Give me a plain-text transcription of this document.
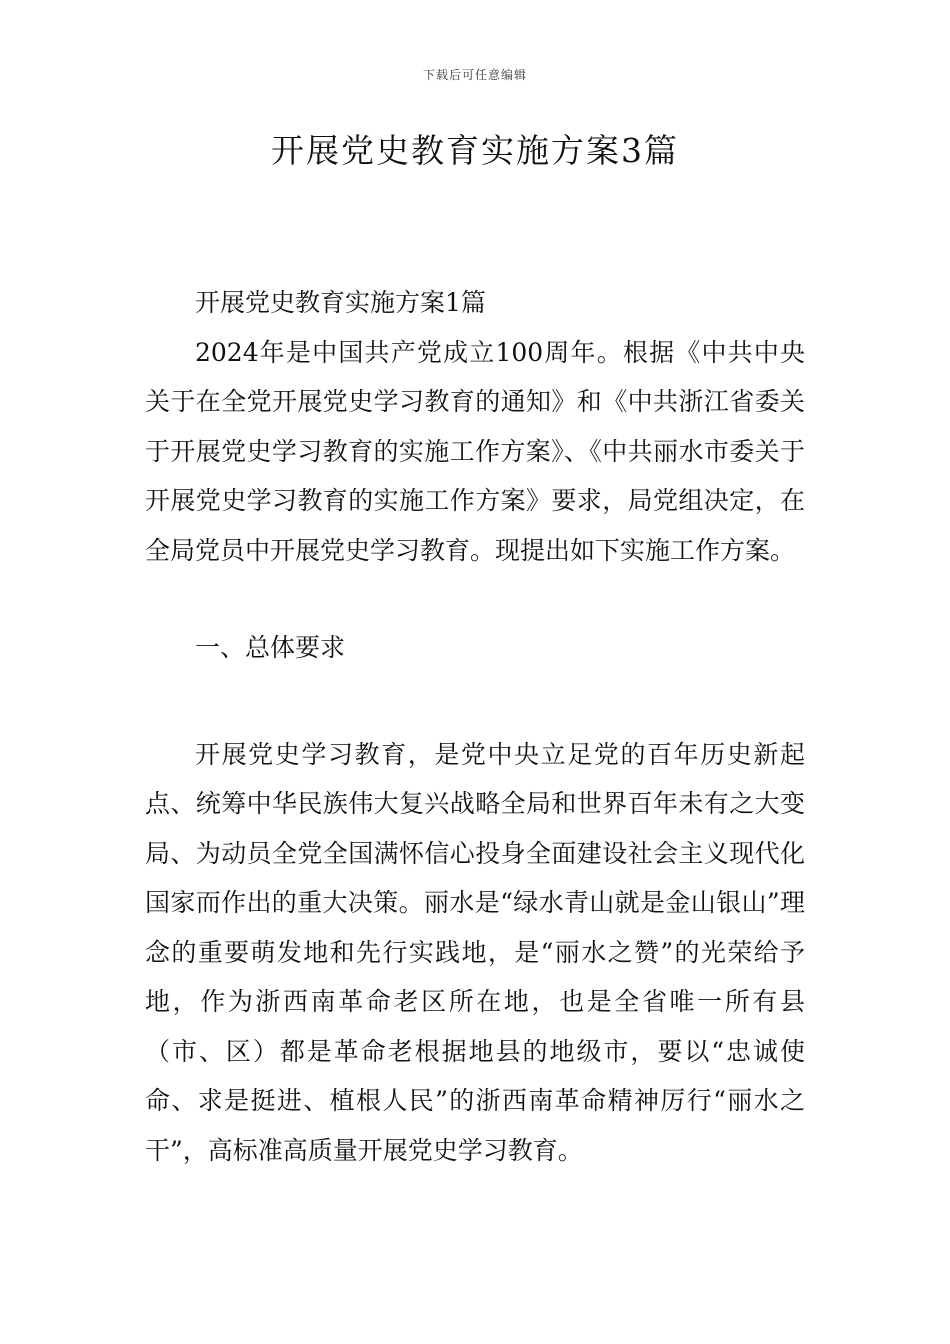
下载后可任意编辑
开展党史教育实施方案3篇

开展党史教育实施方案1篇

2024年是中国共产党成立100周年。根据《中共中央关于在全党开展党史学习教育的通知》和《中共浙江省委关于开展党史学习教育的实施工作方案》、《中共丽水市委关于开展党史学习教育的实施工作方案》要求，局党组决定，在全局党员中开展党史学习教育。现提出如下实施工作方案。

一、总体要求

开展党史学习教育，是党中央立足党的百年历史新起点、统筹中华民族伟大复兴战略全局和世界百年未有之大变局、为动员全党全国满怀信心投身全面建设社会主义现代化国家而作出的重大决策。丽水是“绿水青山就是金山银山”理念的重要萌发地和先行实践地，是“丽水之赞”的光荣给予地，作为浙西南革命老区所在地，也是全省唯一所有县（市、区）都是革命老根据地县的地级市，要以“忠诚使命、求是挺进、植根人民”的浙西南革命精神厉行“丽水之干”，高标准高质量开展党史学习教育。
